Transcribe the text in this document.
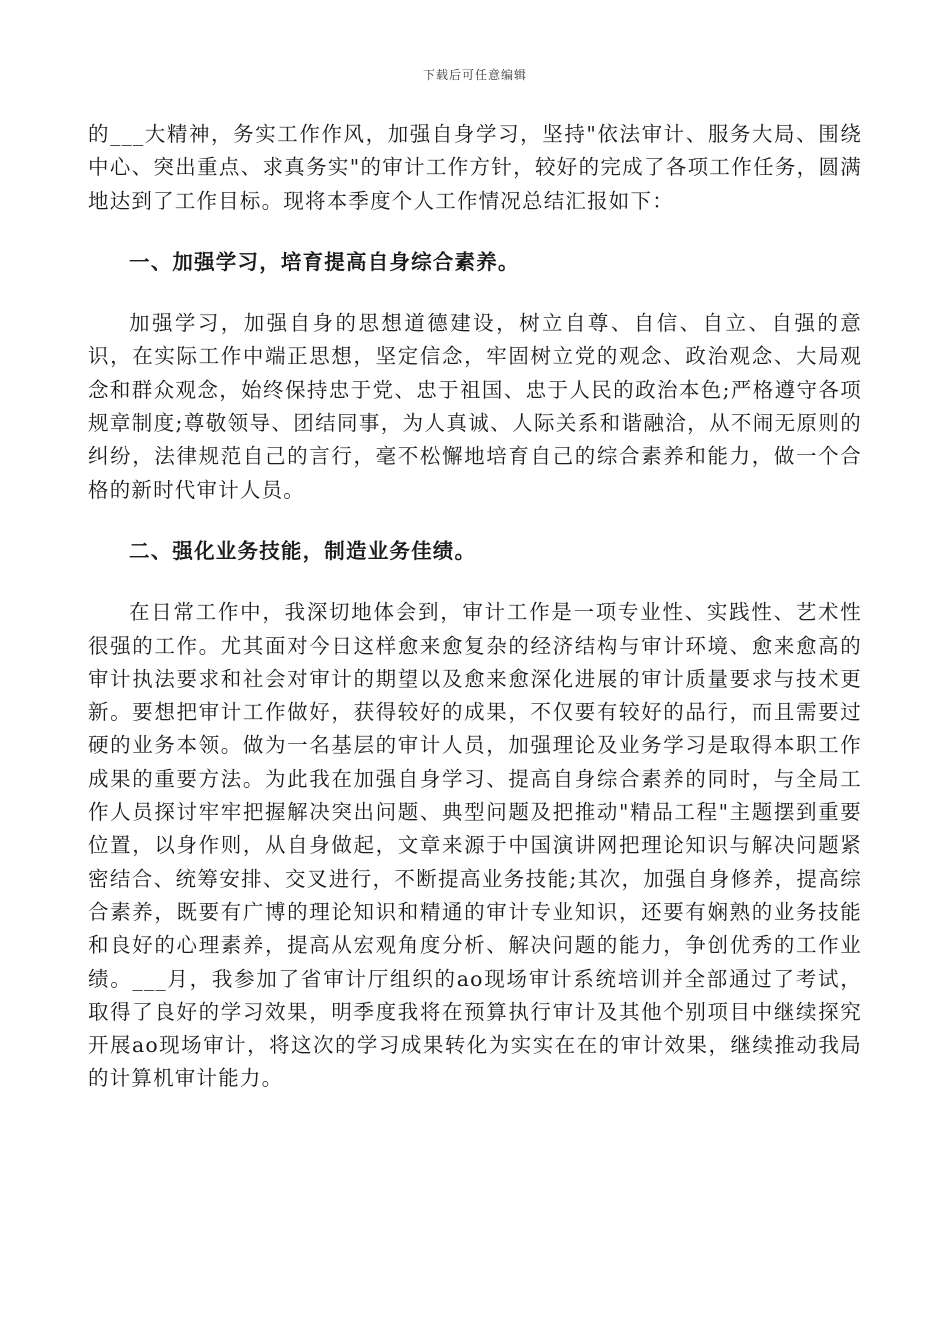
下载后可任意编辑

的___大精神，务实工作作风，加强自身学习，坚持"依法审计、服务大局、围绕中心、突出重点、求真务实"的审计工作方针，较好的完成了各项工作任务，圆满地达到了工作目标。现将本季度个人工作情况总结汇报如下：

一、加强学习，培育提高自身综合素养。

加强学习，加强自身的思想道德建设，树立自尊、自信、自立、自强的意识，在实际工作中端正思想，坚定信念，牢固树立党的观念、政治观念、大局观念和群众观念，始终保持忠于党、忠于祖国、忠于人民的政治本色;严格遵守各项规章制度;尊敬领导、团结同事，为人真诚、人际关系和谐融洽，从不闹无原则的纠纷，法律规范自己的言行，毫不松懈地培育自己的综合素养和能力，做一个合格的新时代审计人员。

二、强化业务技能，制造业务佳绩。

在日常工作中，我深切地体会到，审计工作是一项专业性、实践性、艺术性很强的工作。尤其面对今日这样愈来愈复杂的经济结构与审计环境、愈来愈高的审计执法要求和社会对审计的期望以及愈来愈深化进展的审计质量要求与技术更新。要想把审计工作做好，获得较好的成果，不仅要有较好的品行，而且需要过硬的业务本领。做为一名基层的审计人员，加强理论及业务学习是取得本职工作成果的重要方法。为此我在加强自身学习、提高自身综合素养的同时，与全局工作人员探讨牢牢把握解决突出问题、典型问题及把推动"精品工程"主题摆到重要位置，以身作则，从自身做起，文章来源于中国演讲网把理论知识与解决问题紧密结合、统筹安排、交叉进行，不断提高业务技能;其次，加强自身修养，提高综合素养，既要有广博的理论知识和精通的审计专业知识，还要有娴熟的业务技能和良好的心理素养，提高从宏观角度分析、解决问题的能力，争创优秀的工作业绩。___月，我参加了省审计厅组织的ao现场审计系统培训并全部通过了考试，取得了良好的学习效果，明季度我将在预算执行审计及其他个别项目中继续探究开展ao现场审计，将这次的学习成果转化为实实在在的审计效果，继续推动我局的计算机审计能力。
